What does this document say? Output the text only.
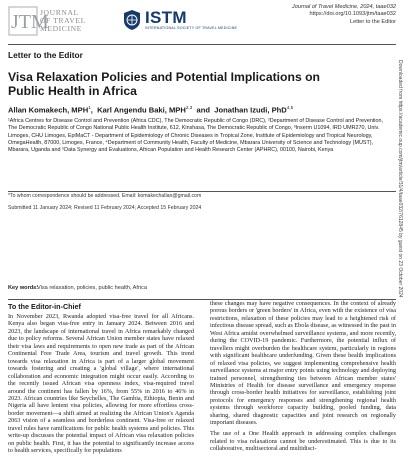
JTM
JOURNAL
OF TRAVEL
MEDICINE
ISTM
INTERNATIONAL SOCIETY OF TRAVEL MEDICINE
Journal of Travel Medicine, 2024, taae032
https://doi.org/10.1093/jtm/taae032
Letter to the Editor
Letter to the Editor
Visa Relaxation Policies and Potential Implications on Public Health in Africa
Allan Komakech, MPH$^1$,  Karl Angendu Baki, MPH$^{2,3}$ and Jonathan Izudi, PhD$^{4,5}$
¹Africa Centres for Disease Control and Prevention (Africa CDC), The Democratic Republic of Congo (DRC), ²Department of Disease Control and Prevention, The Democratic Republic of Congo National Public Health Institute, 612, Kinshasa, The Democratic Republic of Congo, ³Inserm U1094, IRD UMR270, Univ. Limoges, CHU Limoges, EpiMaCT - Department of Epidemiology of Chronic Diseases in Tropical Zone, Institute of Epidemiology and Tropical Neurology, OmegaHealth, 87000, Limoges, France, ⁴Department of Community Health, Faculty of Medicine, Mbarara University of Science and Technology (MUST), Mbarara, Uganda and ⁵Data Synergy and Evaluations, African Population and Health Research Center (APHRC), 00100, Nairobi, Kenya
*To whom correspondence should be addressed. Email: komakechallan@gmail.com
Submitted 11 January 2024; Revised 11 February 2024; Accepted 15 February 2024
Key words:
Visa relaxation, policies, public health, Africa
To the Editor-in-Chief

In November 2023, Rwanda adopted visa-free travel for all Africans. Kenya also began visa-free entry in January 2024. Between 2016 and 2023, the landscape of international travel in Africa remarkably changed due to policy reforms. Several African Union member states have relaxed their visa laws and requirements to open new trade as part of the African Continental Free Trade Area, tourism and travel growth. This trend towards visa relaxation in Africa is part of a larger global movement towards fostering and creating a 'global village', where international collaboration and economic integration might occur easily. According to the recently issued African visa openness index, visa-required travel around the continent has fallen by 16%, from 55% in 2016 to 46% in 2023. African countries like Seychelles, The Gambia, Ethiopia, Benin and Nigeria all have lenient visa policies, allowing for more effortless cross-border movement—a shift aimed at realizing the African Union's Agenda 2063 vision of a seamless and borderless continent. Visa-free or relaxed travel rules have ramifications for public health systems and policies. This write-up discusses the potential impact of African visa relaxation policies on public health. First, it has the potential to significantly increase access to health services, specifically for populations

these changes may have negative consequences. In the context of already porous borders or 'green borders' in Africa, even with the existence of visa restrictions, relaxation of these policies may lead to a heightened risk of infectious disease spread, such as Ebola disease, as witnessed in the past in West Africa amidst overwhelmed surveillance systems, and more recently, during the COVID-19 pandemic. Furthermore, the potential influx of travellers might overburden the healthcare system, particularly in regions with significant healthcare underfunding. Given these health implications of relaxed visa policies, we suggest implementing comprehensive health surveillance systems at major entry points using technology and deploying trained personnel, strengthening ties between African member states' Ministries of Health for disease surveillance and emergency response through cross-border health initiatives for surveillance, establishing joint protocols for emergency responses and strengthening regional health systems through workforce capacity building, pooled funding, data sharing, shared diagnostic capacities and joint research on regionally important diseases.

The use of a One Health approach in addressing complex challenges related to visa relaxations cannot be underestimated. This is due to its collaborative, multisectoral and multidisci-

Downloaded from https://academic.oup.com/jtm/article/31/4/taae032/7612845 by guest on 23 October 2024
